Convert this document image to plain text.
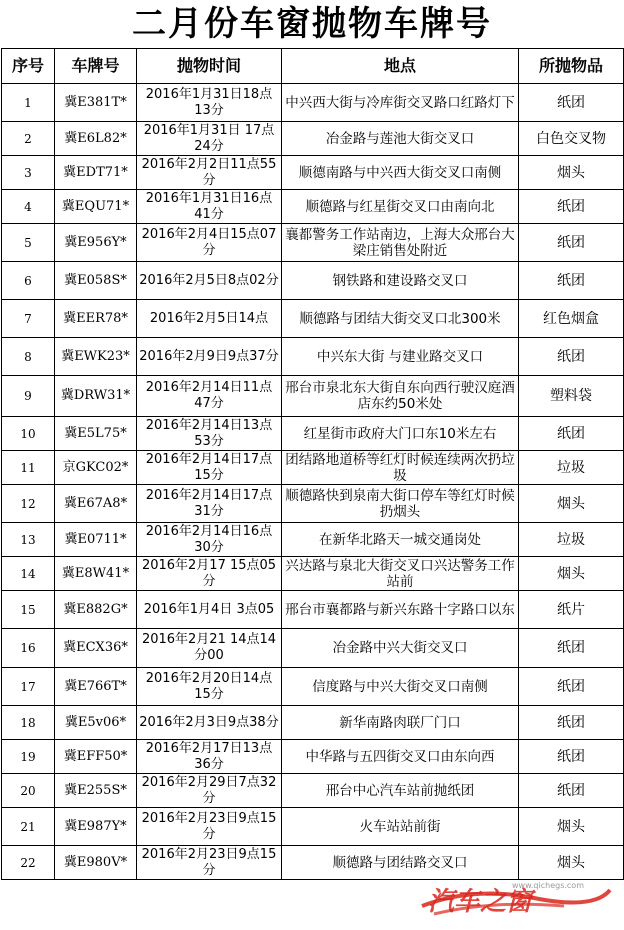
二月份车窗抛物车牌号
序号	车牌号	抛物时间	地点	所抛物品
1	冀E381T*	2016年1月31日18点13分	中兴西大街与冷库街交叉路口红路灯下	纸团
2	冀E6L82*	2016年1月31日 17点24分	冶金路与莲池大街交叉口	白色交叉物
3	冀EDT71*	2016年2月2日11点55分	顺德南路与中兴西大街交叉口南侧	烟头
4	冀EQU71*	2016年1月31日16点41分	顺德路与红星街交叉口由南向北	纸团
5	冀E956Y*	2016年2月4日15点07分	襄都警务工作站南边，上海大众邢台大梁庄销售处附近	纸团
6	冀E058S*	2016年2月5日8点02分	钢铁路和建设路交叉口	纸团
7	冀EER78*	2016年2月5日14点	顺德路与团结大街交叉口北300米	红色烟盒
8	冀EWK23*	2016年2月9日9点37分	中兴东大街 与建业路交叉口	纸团
9	冀DRW31*	2016年2月14日11点47分	邢台市泉北东大街自东向西行驶汉庭酒店东约50米处	塑料袋
10	冀E5L75*	2016年2月14日13点53分	红星街市政府大门口东10米左右	纸团
11	京GKC02*	2016年2月14日17点15分	团结路地道桥等红灯时候连续两次扔垃圾	垃圾
12	冀E67A8*	2016年2月14日17点31分	顺德路快到泉南大街口停车等红灯时候扔烟头	烟头
13	冀E0711*	2016年2月14日16点30分	在新华北路天一城交通岗处	垃圾
14	冀E8W41*	2016年2月17 15点05分	兴达路与泉北大街交叉口兴达警务工作站前	烟头
15	冀E882G*	2016年1月4日 3点05	邢台市襄都路与新兴东路十字路口以东	纸片
16	冀ECX36*	2016年2月21 14点14分00	冶金路中兴大街交叉口	纸团
17	冀E766T*	2016年2月20日14点15分	信度路与中兴大街交叉口南侧	纸团
18	冀E5v06*	2016年2月3日9点38分	新华南路肉联厂门口	纸团
19	冀EFF50*	2016年2月17日13点36分	中华路与五四街交叉口由东向西	纸团
20	冀E255S*	2016年2月29日7点32分	邢台中心汽车站前抛纸团	纸团
21	冀E987Y*	2016年2月23日9点15分	火车站站前街	烟头
22	冀E980V*	2016年2月23日9点15分	顺德路与团结路交叉口	烟头
汽车之窗
www.qichegs.com
